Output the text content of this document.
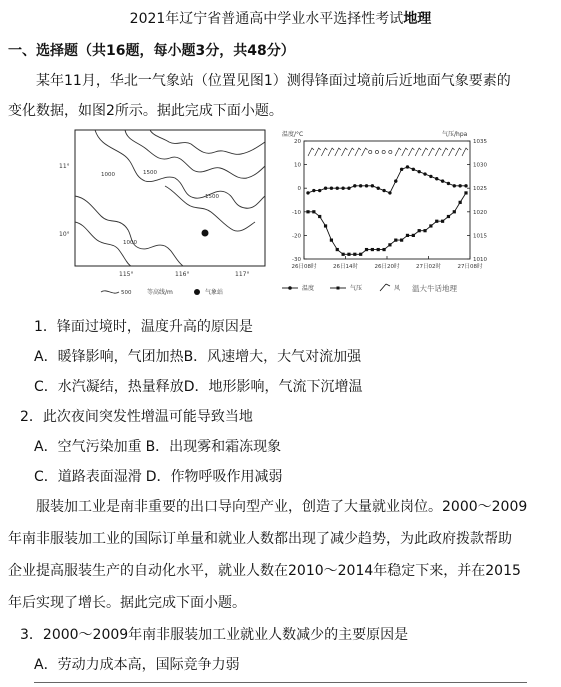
2021年辽宁省普通高中学业水平选择性考试地理
一、选择题（共16题，每小题3分，共48分）
某年11月，华北一气象站（位置见图1）测得锋面过境前后近地面气象要素的
变化数据，如图2所示。据此完成下面小题。
1000	1500
1500
1000
11°
10°
115°	116°	117°
500	等高线/m	气象站
温度/°C	气压/hpa
20
10
0
-10
-20
-30
1035
1030
1025
1020
1015
1010
26日08时	26日14时	26日20时	27日02时	27日08时
温度	气压	风 温大牛话地理
1．锋面过境时，温度升高的原因是
A．暖锋影响，气团加热B．风速增大，大气对流加强
C．水汽凝结，热量释放D．地形影响，气流下沉增温
2．此次夜间突发性增温可能导致当地
A．空气污染加重 B．出现雾和霜冻现象
C．道路表面湿滑 D．作物呼吸作用减弱
服装加工业是南非重要的出口导向型产业，创造了大量就业岗位。2000～2009
年南非服装加工业的国际订单量和就业人数都出现了减少趋势，为此政府拨款帮助
企业提高服装生产的自动化水平，就业人数在2010～2014年稳定下来，并在2015
年后实现了增长。据此完成下面小题。
3．2000～2009年南非服装加工业就业人数减少的主要原因是
A．劳动力成本高，国际竞争力弱
